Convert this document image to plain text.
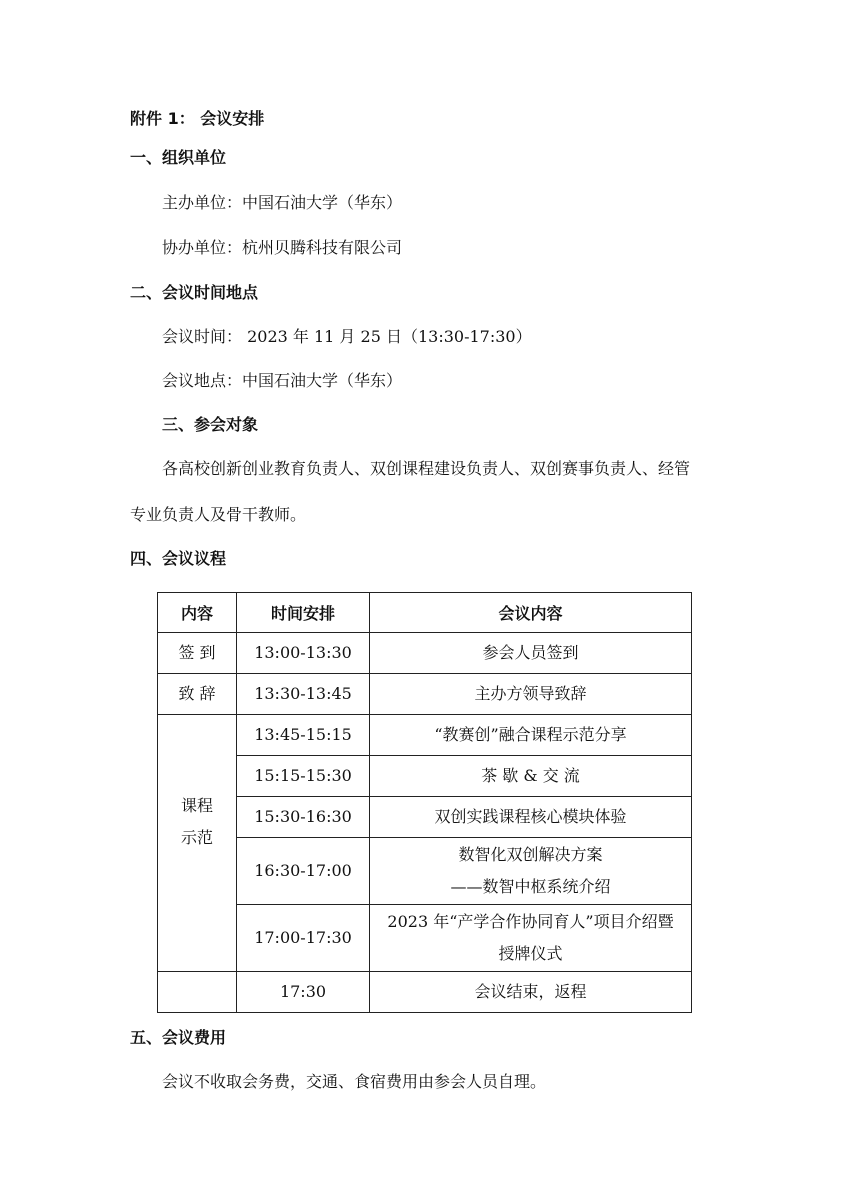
附件 1： 会议安排
一、组织单位
主办单位：中国石油大学（华东）
协办单位：杭州贝腾科技有限公司
二、会议时间地点
会议时间： 2023 年 11 月 25 日（13:30-17:30）
会议地点：中国石油大学（华东）
三、参会对象
各高校创新创业教育负责人、双创课程建设负责人、双创赛事负责人、经管
专业负责人及骨干教师。
四、会议议程
内容	时间安排	会议内容
签 到	13:00-13:30	参会人员签到
致 辞	13:30-13:45	主办方领导致辞

课程
示范	13:45-15:15	“教赛创”融合课程示范分享
	15:15-15:30	茶 歇 & 交 流
	15:30-16:30	双创实践课程核心模块体验
	16:30-17:00	数智化双创解决方案
——数智中枢系统介绍

	17:00-17:30	2023 年“产学合作协同育人”项目介绍暨
授牌仪式

	17:30	会议结束，返程
五、会议费用
会议不收取会务费，交通、食宿费用由参会人员自理。
